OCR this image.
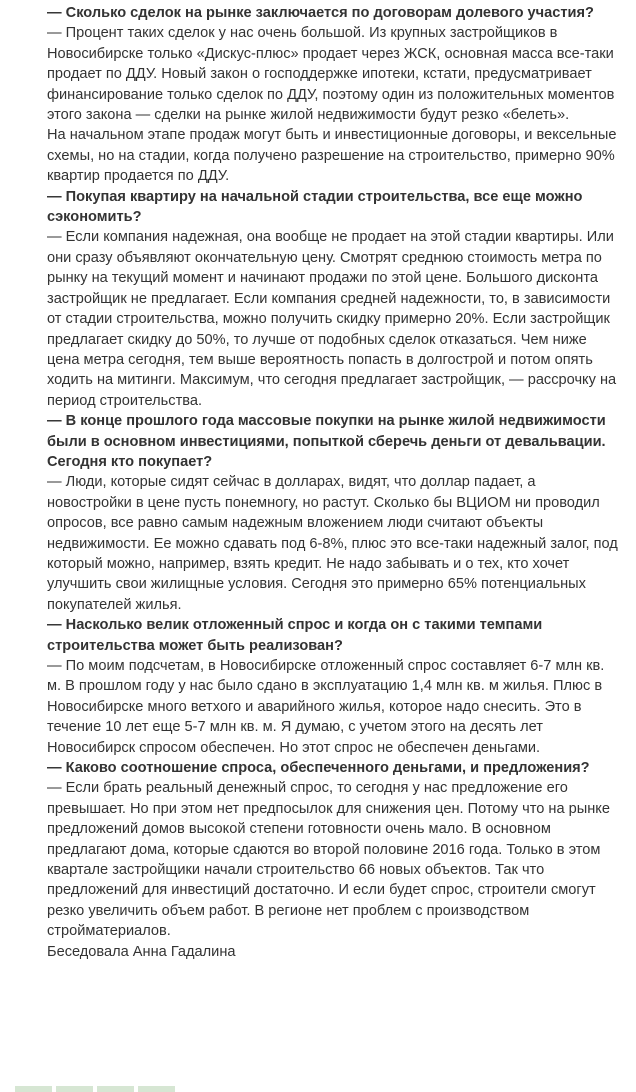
— Сколько сделок на рынке заключается по договорам долевого участия?

— Процент таких сделок у нас очень большой. Из крупных застройщиков в Новосибирске только «Дискус-плюс» продает через ЖСК, основная масса все-таки продает по ДДУ. Новый закон о господдержке ипотеки, кстати, предусматривает финансирование только сделок по ДДУ, поэтому один из положительных моментов этого закона — сделки на рынке жилой недвижимости будут резко «белеть».

На начальном этапе продаж могут быть и инвестиционные договоры, и вексельные схемы, но на стадии, когда получено разрешение на строительство, примерно 90% квартир продается по ДДУ.

— Покупая квартиру на начальной стадии строительства, все еще можно сэкономить?

— Если компания надежная, она вообще не продает на этой стадии квартиры. Или они сразу объявляют окончательную цену. Смотрят среднюю стоимость метра по рынку на текущий момент и начинают продажи по этой цене. Большого дисконта застройщик не предлагает. Если компания средней надежности, то, в зависимости от стадии строительства, можно получить скидку примерно 20%. Если застройщик предлагает скидку до 50%, то лучше от подобных сделок отказаться. Чем ниже цена метра сегодня, тем выше вероятность попасть в долгострой и потом опять ходить на митинги. Максимум, что сегодня предлагает застройщик, — рассрочку на период строительства.

— В конце прошлого года массовые покупки на рынке жилой недвижимости были в основном инвестициями, попыткой сберечь деньги от девальвации. Сегодня кто покупает?

— Люди, которые сидят сейчас в долларах, видят, что доллар падает, а новостройки в цене пусть понемногу, но растут. Сколько бы ВЦИОМ ни проводил опросов, все равно самым надежным вложением люди считают объекты недвижимости. Ее можно сдавать под 6-8%, плюс это все-таки надежный залог, под который можно, например, взять кредит. Не надо забывать и о тех, кто хочет улучшить свои жилищные условия. Сегодня это примерно 65% потенциальных покупателей жилья.

— Насколько велик отложенный спрос и когда он с такими темпами строительства может быть реализован?

— По моим подсчетам, в Новосибирске отложенный спрос составляет 6-7 млн кв. м. В прошлом году у нас было сдано в эксплуатацию 1,4 млн кв. м жилья. Плюс в Новосибирске много ветхого и аварийного жилья, которое надо снесить. Это в течение 10 лет еще 5-7 млн кв. м. Я думаю, с учетом этого на десять лет Новосибирск спросом обеспечен. Но этот спрос не обеспечен деньгами.

— Каково соотношение спроса, обеспеченного деньгами, и предложения?

— Если брать реальный денежный спрос, то сегодня у нас предложение его превышает. Но при этом нет предпосылок для снижения цен. Потому что на рынке предложений домов высокой степени готовности очень мало. В основном предлагают дома, которые сдаются во второй половине 2016 года. Только в этом квартале застройщики начали строительство 66 новых объектов. Так что предложений для инвестиций достаточно. И если будет спрос, строители смогут резко увеличить объем работ. В регионе нет проблем с производством стройматериалов.

Беседовала Анна Гадалина
